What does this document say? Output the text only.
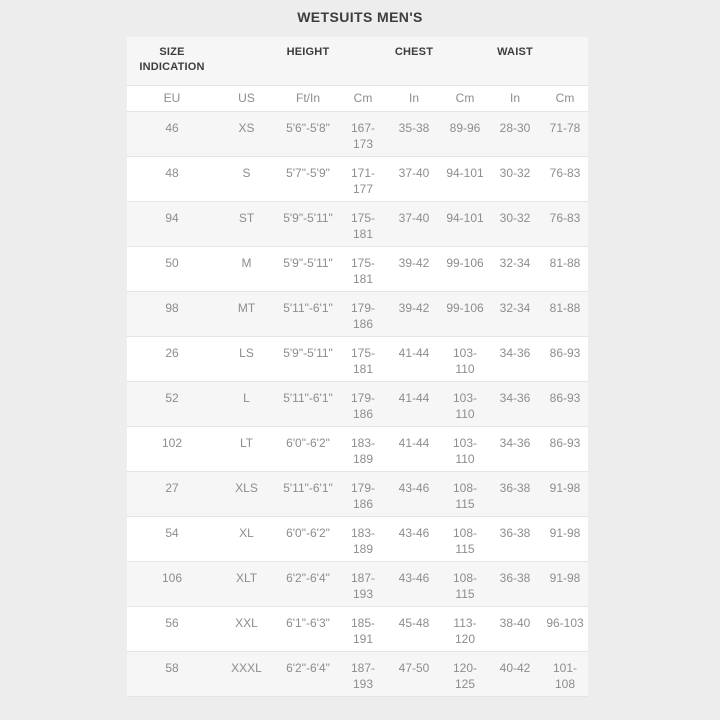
WETSUITS MEN'S
SIZE INDICATION		HEIGHT		CHEST		WAIST	
EU	US	Ft/In	Cm	In	Cm	In	Cm
46	XS	5'6"-5'8"	167-173	35-38	89-96	28-30	71-78
48	S	5'7"-5'9"	171-177	37-40	94-101	30-32	76-83
94	ST	5'9"-5'11"	175-181	37-40	94-101	30-32	76-83
50	M	5'9"-5'11"	175-181	39-42	99-106	32-34	81-88
98	MT	5'11"-6'1"	179-186	39-42	99-106	32-34	81-88
26	LS	5'9"-5'11"	175-181	41-44	103-110	34-36	86-93
52	L	5'11"-6'1"	179-186	41-44	103-110	34-36	86-93
102	LT	6'0"-6'2"	183-189	41-44	103-110	34-36	86-93
27	XLS	5'11"-6'1"	179-186	43-46	108-115	36-38	91-98
54	XL	6'0"-6'2"	183-189	43-46	108-115	36-38	91-98
106	XLT	6'2"-6'4"	187-193	43-46	108-115	36-38	91-98
56	XXL	6'1"-6'3"	185-191	45-48	113-120	38-40	96-103
58	XXXL	6'2"-6'4"	187-193	47-50	120-125	40-42	101-108
